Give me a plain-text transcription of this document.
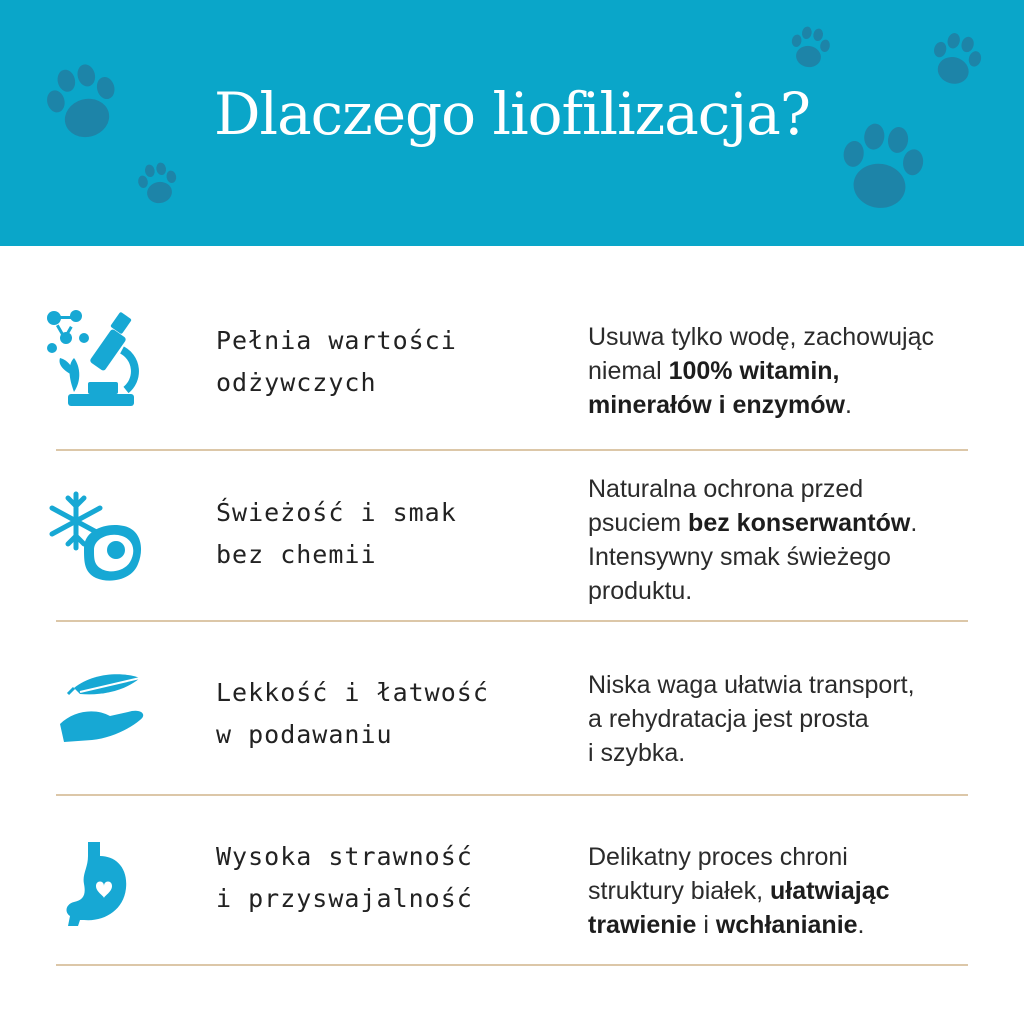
Dlaczego liofilizacja?
Pełnia wartości
odżywczych
Usuwa tylko wodę, zachowując
niemal 100% witamin,
minerałów i enzymów.
Świeżość i smak
bez chemii
Naturalna ochrona przed
psuciem bez konserwantów.
Intensywny smak świeżego
produktu.
Lekkość i łatwość
w podawaniu
Niska waga ułatwia transport,
a rehydratacja jest prosta
i szybka.
Wysoka strawność
i przyswajalność
Delikatny proces chroni
struktury białek, ułatwiając
trawienie i wchłanianie.
